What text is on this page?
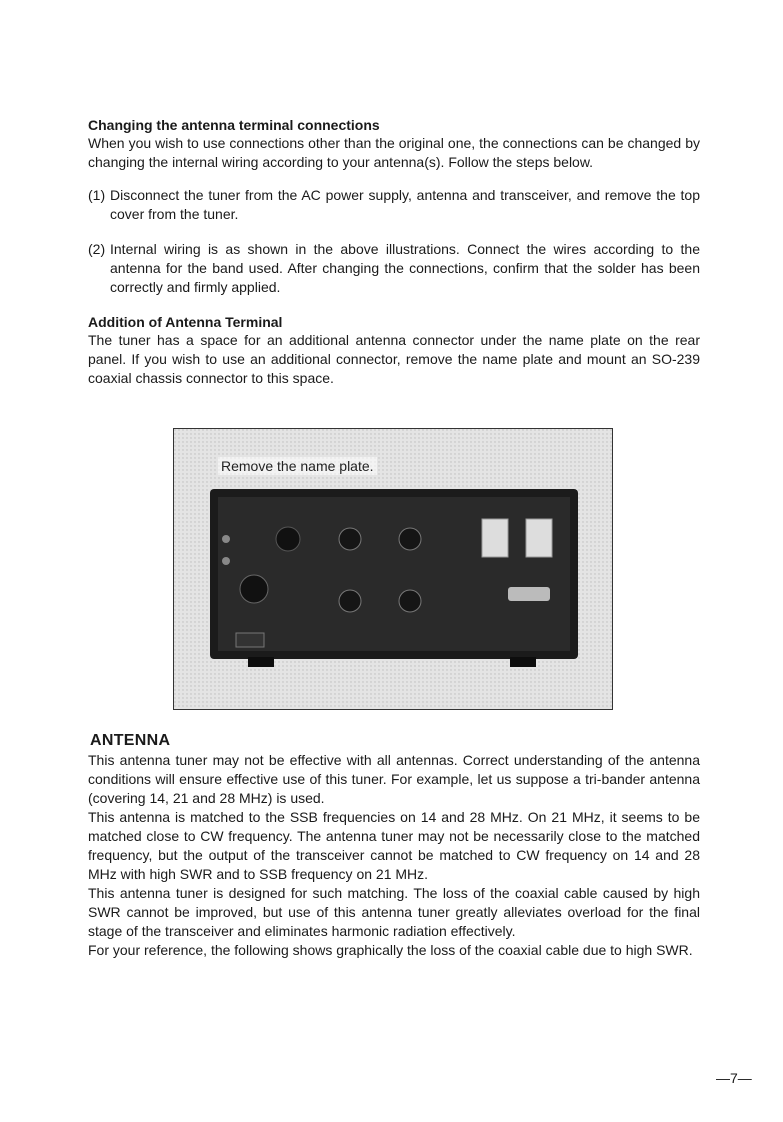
Changing the antenna terminal connections

When you wish to use connections other than the original one, the connections can be changed by changing the internal wiring according to your antenna(s). Follow the steps below.

(1) Disconnect the tuner from the AC power supply, antenna and transceiver, and remove the top cover from the tuner.
(2) Internal wiring is as shown in the above illustrations. Connect the wires according to the antenna for the band used. After changing the connections, confirm that the solder has been correctly and firmly applied.
Addition of Antenna Terminal

The tuner has a space for an additional antenna connector under the name plate on the rear panel. If you wish to use an additional connector, remove the name plate and mount an SO-239 coaxial chassis connector to this space.

Remove the name plate.
ANTENNA

This antenna tuner may not be effective with all antennas. Correct understanding of the antenna conditions will ensure effective use of this tuner. For example, let us suppose a tri-bander antenna (covering 14, 21 and 28 MHz) is used.

This antenna is matched to the SSB frequencies on 14 and 28 MHz. On 21 MHz, it seems to be matched close to CW frequency. The antenna tuner may not be necessarily close to the matched frequency, but the output of the transceiver cannot be matched to CW frequency on 14 and 28 MHz with high SWR and to SSB frequency on 21 MHz.

This antenna tuner is designed for such matching. The loss of the coaxial cable caused by high SWR cannot be improved, but use of this antenna tuner greatly alleviates overload for the final stage of the transceiver and eliminates harmonic radiation effectively.

For your reference, the following shows graphically the loss of the coaxial cable due to high SWR.

—7—
